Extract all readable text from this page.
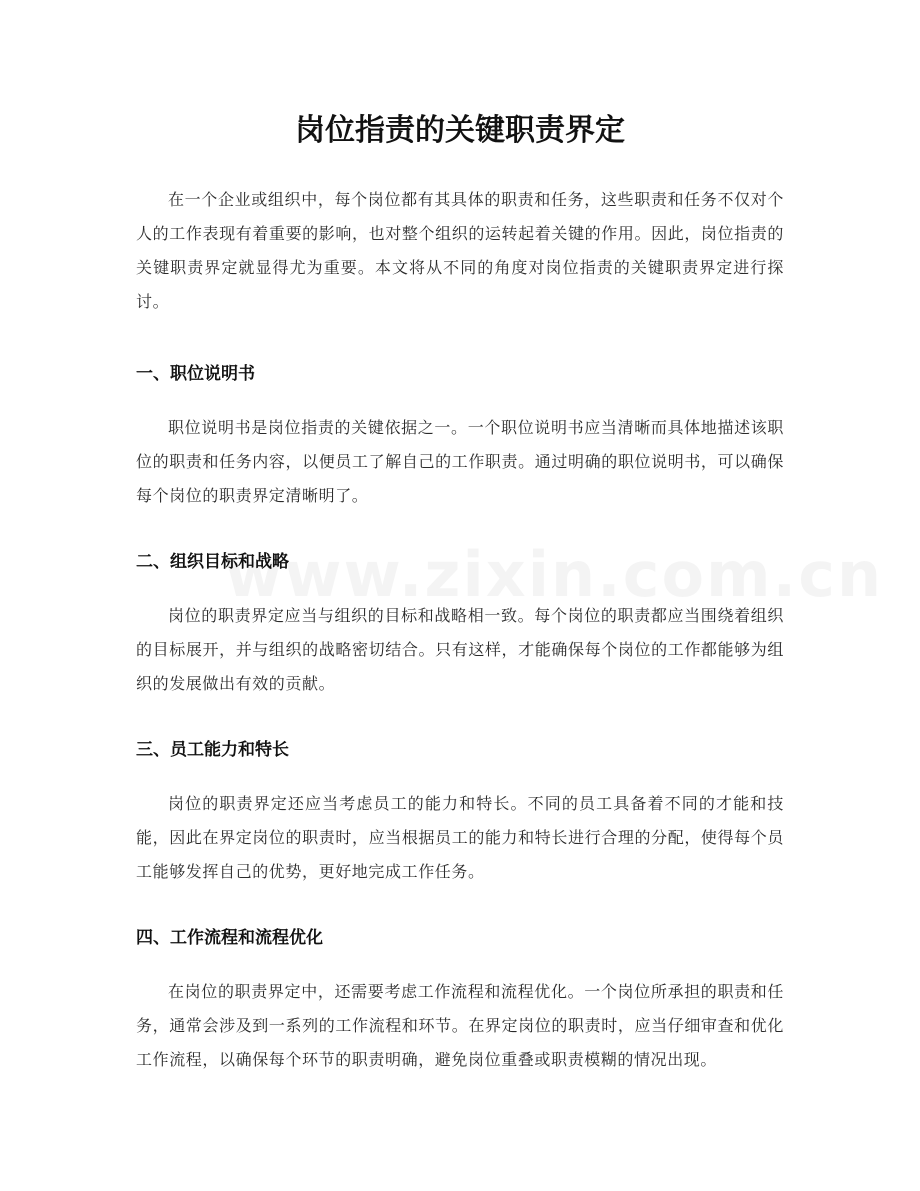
岗位指责的关键职责界定

在一个企业或组织中，每个岗位都有其具体的职责和任务，这些职责和任务不仅对个人的工作表现有着重要的影响，也对整个组织的运转起着关键的作用。因此，岗位指责的关键职责界定就显得尤为重要。本文将从不同的角度对岗位指责的关键职责界定进行探讨。

一、职位说明书

职位说明书是岗位指责的关键依据之一。一个职位说明书应当清晰而具体地描述该职位的职责和任务内容，以便员工了解自己的工作职责。通过明确的职位说明书，可以确保每个岗位的职责界定清晰明了。

二、组织目标和战略

岗位的职责界定应当与组织的目标和战略相一致。每个岗位的职责都应当围绕着组织的目标展开，并与组织的战略密切结合。只有这样，才能确保每个岗位的工作都能够为组织的发展做出有效的贡献。

三、员工能力和特长

岗位的职责界定还应当考虑员工的能力和特长。不同的员工具备着不同的才能和技能，因此在界定岗位的职责时，应当根据员工的能力和特长进行合理的分配，使得每个员工能够发挥自己的优势，更好地完成工作任务。

四、工作流程和流程优化

在岗位的职责界定中，还需要考虑工作流程和流程优化。一个岗位所承担的职责和任务，通常会涉及到一系列的工作流程和环节。在界定岗位的职责时，应当仔细审查和优化工作流程，以确保每个环节的职责明确，避免岗位重叠或职责模糊的情况出现。
